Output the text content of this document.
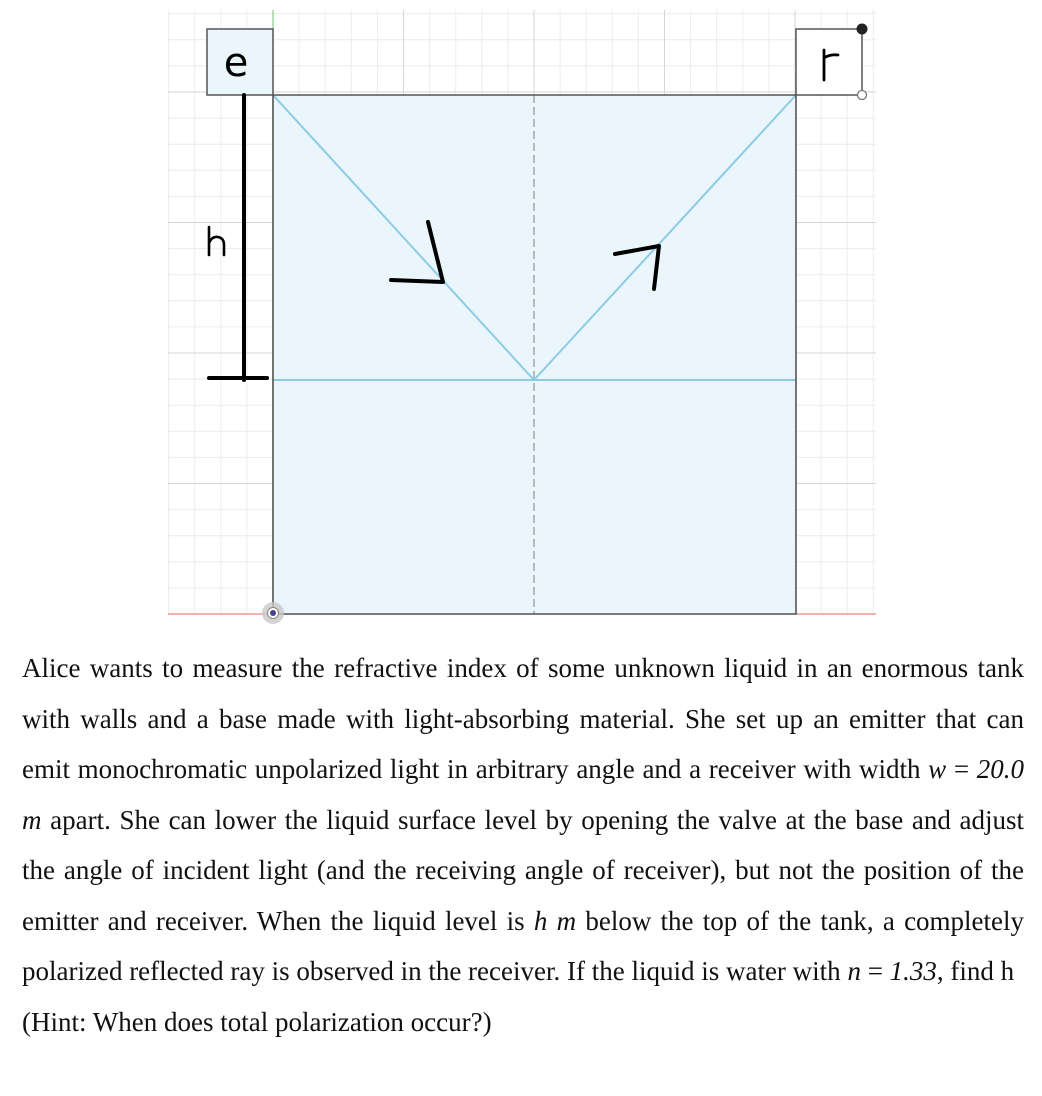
e

Alice wants to measure the refractive index of some unknown liquid in an enormous tank with walls and a base made with light-absorbing material. She set up an emitter that can emit monochromatic unpolarized light in arbitrary angle and a receiver with width w = 20.0 m apart. She can lower the liquid surface level by opening the valve at the base and adjust the angle of incident light (and the receiving angle of receiver), but not the position of the emitter and receiver. When the liquid level is h m below the top of the tank, a completely polarized reflected ray is observed in the receiver. If the liquid is water with n = 1.33, find h

(Hint: When does total polarization occur?)
